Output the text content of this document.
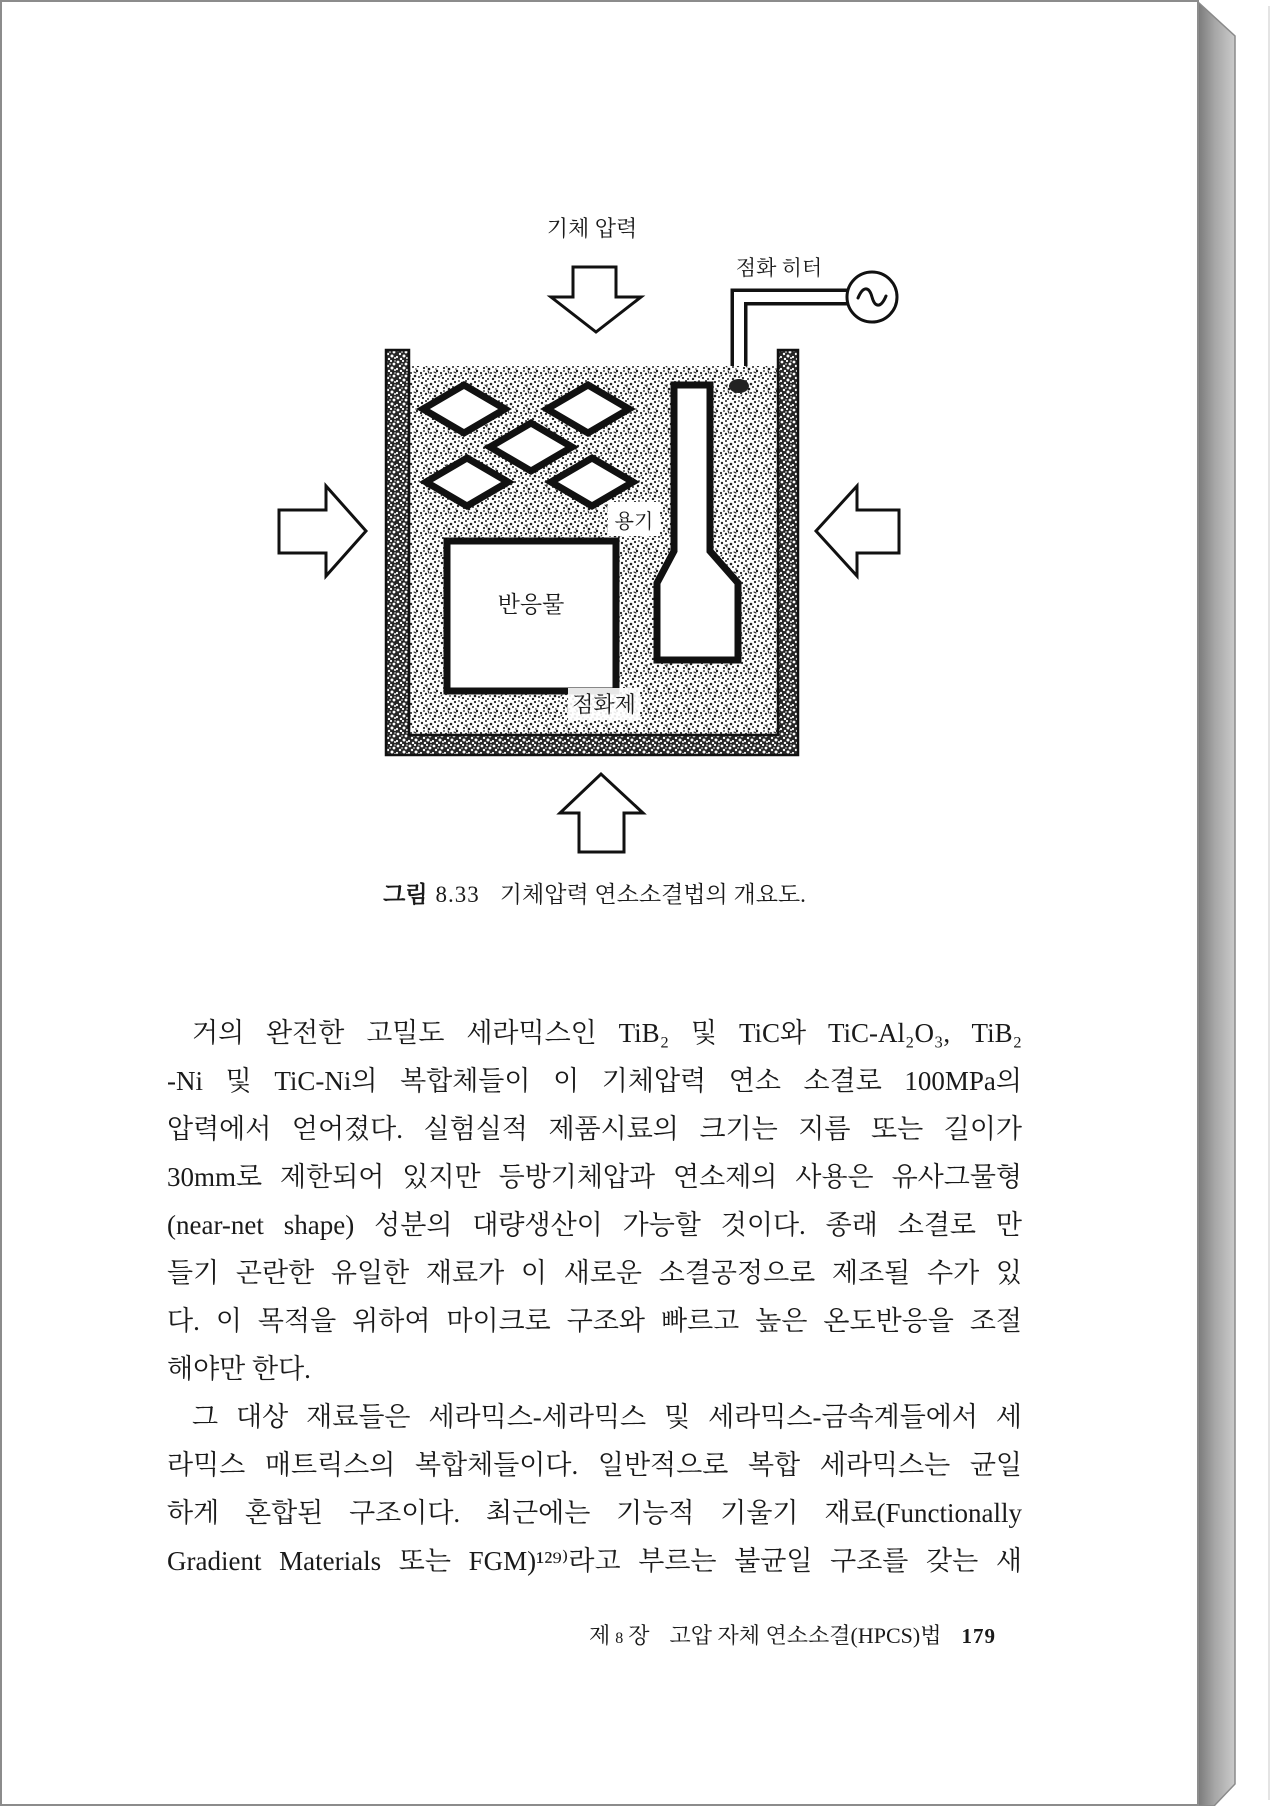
기체 압력
점화 히터
용기
반응물
점화제
그림 8.33 기체압력 연소소결법의 개요도.
거의 완전한 고밀도 세라믹스인 TiB₂ 및 TiC와 TiC-Al₂O₃, TiB₂
-Ni 및 TiC-Ni의 복합체들이 이 기체압력 연소 소결로 100MPa의
압력에서 얻어졌다. 실험실적 제품시료의 크기는 지름 또는 길이가
30mm로 제한되어 있지만 등방기체압과 연소제의 사용은 유사그물형
(near-net shape) 성분의 대량생산이 가능할 것이다. 종래 소결로 만
들기 곤란한 유일한 재료가 이 새로운 소결공정으로 제조될 수가 있
다. 이 목적을 위하여 마이크로 구조와 빠르고 높은 온도반응을 조절
해야만 한다.
그 대상 재료들은 세라믹스-세라믹스 및 세라믹스-금속계들에서 세
라믹스 매트릭스의 복합체들이다. 일반적으로 복합 세라믹스는 균일
하게 혼합된 구조이다. 최근에는 기능적 기울기 재료(Functionally
Gradient Materials 또는 FGM)¹²⁹⁾라고 부르는 불균일 구조를 갖는 새
제 8 장 고압 자체 연소소결(HPCS)법 179
